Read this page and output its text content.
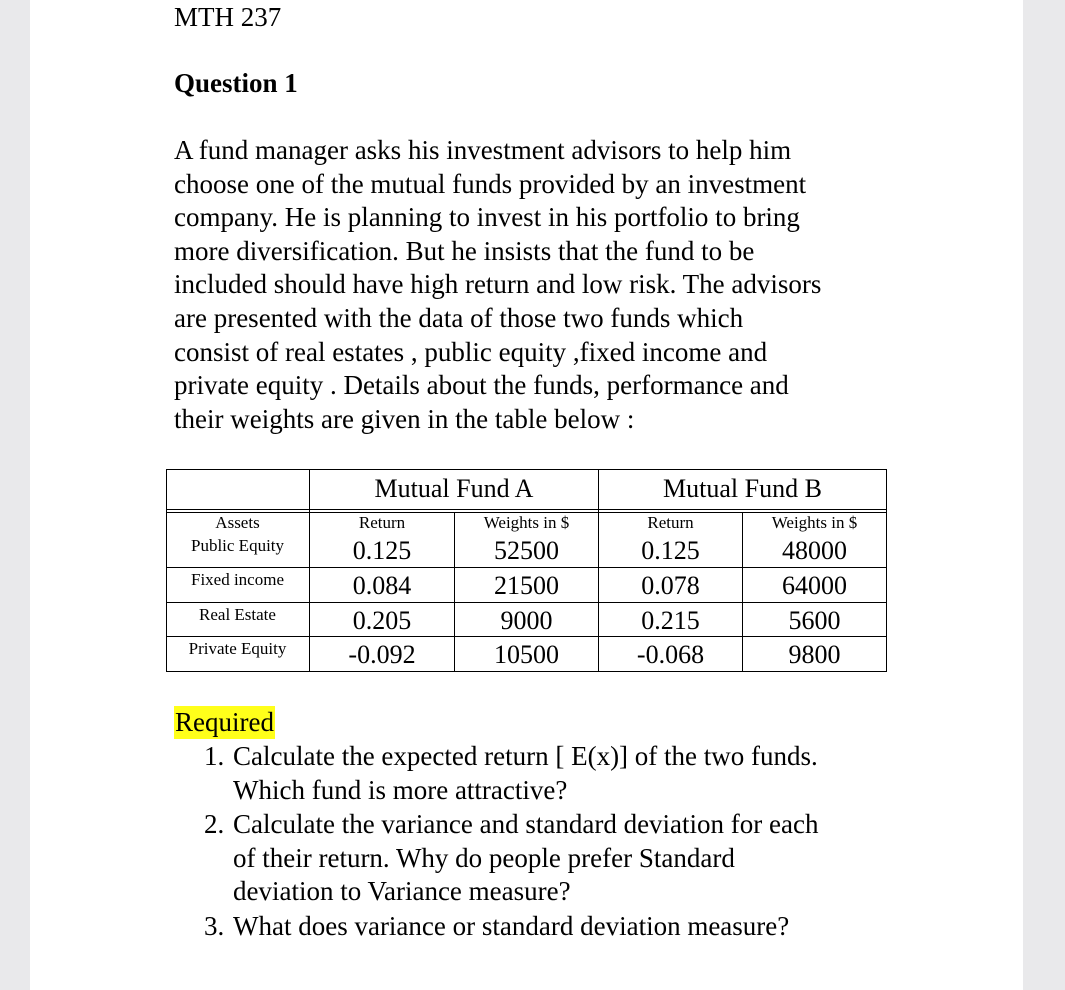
MTH 237
Question 1
A fund manager asks his investment advisors to help him
choose one of the mutual funds provided by an investment
company. He is planning to invest in his portfolio to bring
more diversification. But he insists that the fund to be
included should have high return and low risk. The advisors
are presented with the data of those two funds which
consist of real estates , public equity ,fixed income and
private equity . Details about the funds, performance and
their weights are given in the table below :
Mutual Fund A	Mutual Fund B
Assets	Return	Weights in $	Return	Weights in $
Public Equity	0.125	52500	0.125	48000
Fixed income	0.084	21500	0.078	64000
Real Estate	0.205	9000	0.215	5600
Private Equity	-0.092	10500	-0.068	9800
Required
1. Calculate the expected return [ E(x)] of the two funds.
Which fund is more attractive?
2. Calculate the variance and standard deviation for each
of their return. Why do people prefer Standard
deviation to Variance measure?
3. What does variance or standard deviation measure?
